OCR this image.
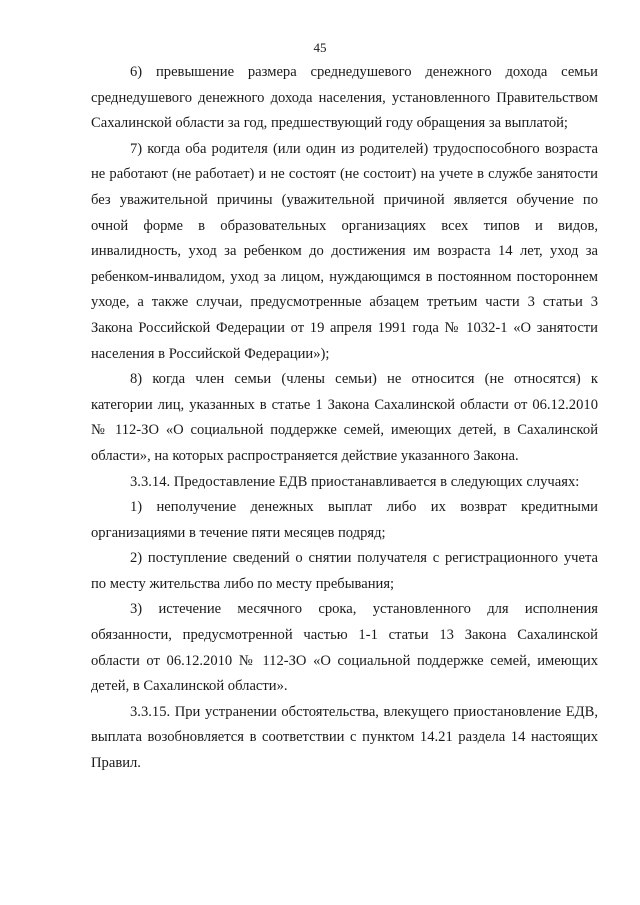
45

6) превышение размера среднедушевого денежного дохода семьи среднедушевого денежного дохода населения, установленного Правительством Сахалинской области за год, предшествующий году обращения за выплатой;

7) когда оба родителя (или один из родителей) трудоспособного возраста не работают (не работает) и не состоят (не состоит) на учете в службе занятости без уважительной причины (уважительной причиной является обучение по очной форме в образовательных организациях всех типов и видов, инвалидность, уход за ребенком до достижения им возраста 14 лет, уход за ребенком-инвалидом, уход за лицом, нуждающимся в постоянном постороннем уходе, а также случаи, предусмотренные абзацем третьим части 3 статьи 3 Закона Российской Федерации от 19 апреля 1991 года № 1032-1 «О занятости населения в Российской Федерации»);

8) когда член семьи (члены семьи) не относится (не относятся) к категории лиц, указанных в статье 1 Закона Сахалинской области от 06.12.2010 № 112-ЗО «О социальной поддержке семей, имеющих детей, в Сахалинской области», на которых распространяется действие указанного Закона.

3.3.14. Предоставление ЕДВ приостанавливается в следующих случаях:

1) неполучение денежных выплат либо их возврат кредитными организациями в течение пяти месяцев подряд;

2) поступление сведений о снятии получателя с регистрационного учета по месту жительства либо по месту пребывания;

3) истечение месячного срока, установленного для исполнения обязанности, предусмотренной частью 1-1 статьи 13 Закона Сахалинской области от 06.12.2010 № 112-ЗО «О социальной поддержке семей, имеющих детей, в Сахалинской области».

3.3.15. При устранении обстоятельства, влекущего приостановление ЕДВ, выплата возобновляется в соответствии с пунктом 14.21 раздела 14 настоящих Правил.
